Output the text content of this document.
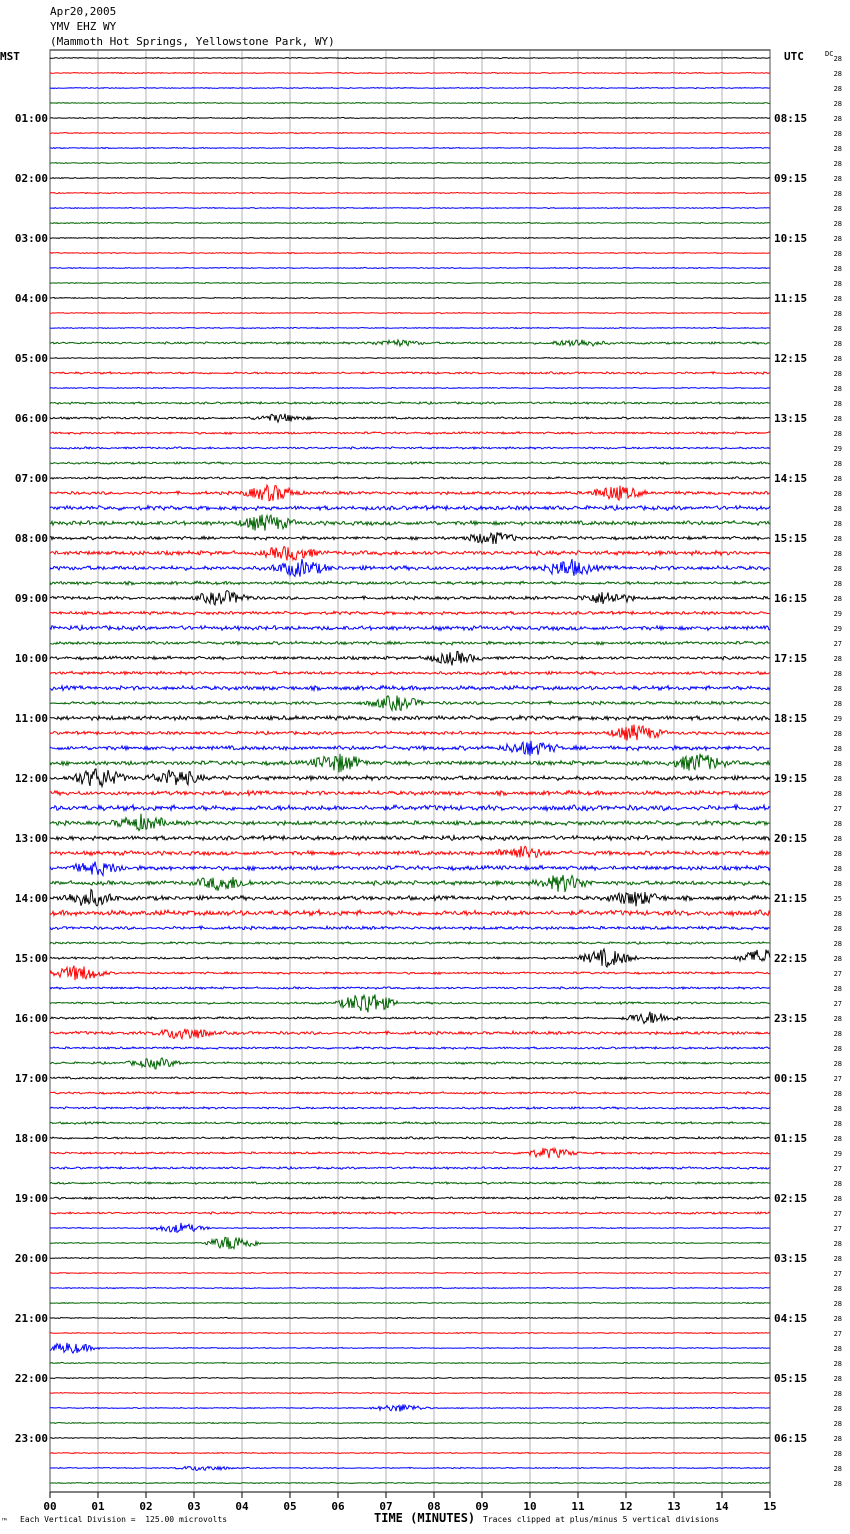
Apr20,2005
YMV EHZ WY
(Mammoth Hot Springs, Yellowstone Park, WY)
MST	UTC	DC
00	01	02	03	04	05	06	07	08	09	10	11	12	13	14	15
28
28
28
28
28
28
28
28
28
28
28
28
28
28
28
28
28
28
28
28
28
28
28
28
28
28
29
28
28
28
28
28
28
28
28
28
28
29
29
27
28
28
28
28
29
28
28
28
28
28
27
28
28
28
28
28
25
28
28
28
28
27
28
27
28
28
28
28
27
28
28
28
28
29
27
28
28
27
27
28
28
27
28
28
28
27
28
28
28
28
28
28
28
28
28
28
01:00	08:15
02:00	09:15
03:00	10:15
04:00	11:15
05:00	12:15
06:00	13:15
07:00	14:15
08:00	15:15
09:00	16:15
10:00	17:15
11:00	18:15
12:00	19:15
13:00	20:15
14:00	21:15
15:00	22:15
16:00	23:15
17:00	00:15
18:00	01:15
19:00	02:15
20:00	03:15
21:00	04:15
22:00	05:15
23:00	06:15
™ Each Vertical Division =  125.00 microvolts	TIME (MINUTES) Traces clipped at plus/minus 5 vertical divisions
